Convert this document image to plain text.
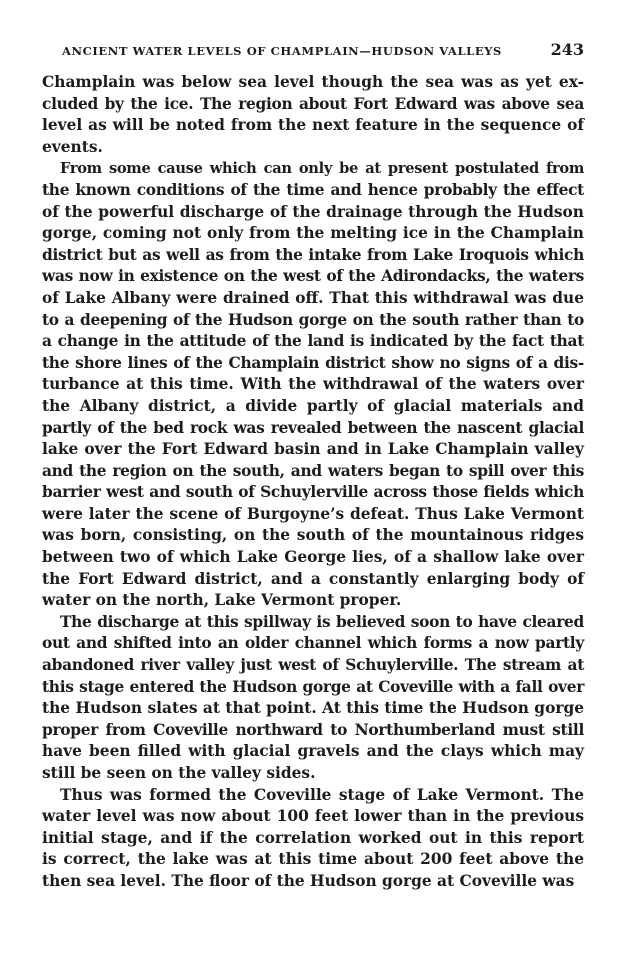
ANCIENT WATER LEVELS OF CHAMPLAIN—HUDSON VALLEYS	243

Champlain was below sea level though the sea was as yet ex-
cluded by the ice. The region about Fort Edward was above sea
level as will be noted from the next feature in the sequence of
events.

From some cause which can only be at present postulated from
the known conditions of the time and hence probably the effect
of the powerful discharge of the drainage through the Hudson
gorge, coming not only from the melting ice in the Champlain
district but as well as from the intake from Lake Iroquois which
was now in existence on the west of the Adirondacks, the waters
of Lake Albany were drained off. That this withdrawal was due
to a deepening of the Hudson gorge on the south rather than to
a change in the attitude of the land is indicated by the fact that
the shore lines of the Champlain district show no signs of a dis-
turbance at this time. With the withdrawal of the waters over
the Albany district, a divide partly of glacial materials and
partly of the bed rock was revealed between the nascent glacial
lake over the Fort Edward basin and in Lake Champlain valley
and the region on the south, and waters began to spill over this
barrier west and south of Schuylerville across those fields which
were later the scene of Burgoyne’s defeat. Thus Lake Vermont
was born, consisting, on the south of the mountainous ridges
between two of which Lake George lies, of a shallow lake over
the Fort Edward district, and a constantly enlarging body of
water on the north, Lake Vermont proper.

The discharge at this spillway is believed soon to have cleared
out and shifted into an older channel which forms a now partly
abandoned river valley just west of Schuylerville. The stream at
this stage entered the Hudson gorge at Coveville with a fall over
the Hudson slates at that point. At this time the Hudson gorge
proper from Coveville northward to Northumberland must still
have been filled with glacial gravels and the clays which may
still be seen on the valley sides.

Thus was formed the Coveville stage of Lake Vermont. The
water level was now about 100 feet lower than in the previous
initial stage, and if the correlation worked out in this report
is correct, the lake was at this time about 200 feet above the
then sea level. The floor of the Hudson gorge at Coveville was
